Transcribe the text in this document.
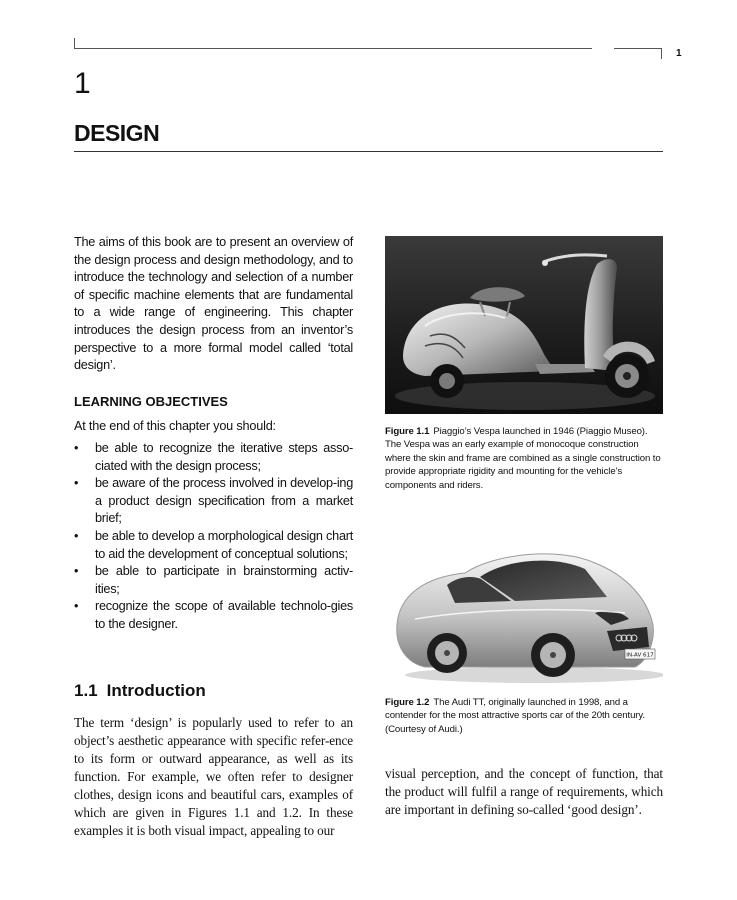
1
1
DESIGN
The aims of this book are to present an overview of the design process and design methodology, and to introduce the technology and selection of a number of specific machine elements that are fundamental to a wide range of engineering. This chapter introduces the design process from an inventor’s perspective to a more formal model called ‘total design’.
LEARNING OBJECTIVES
At the end of this chapter you should:
• be able to recognize the iterative steps asso-ciated with the design process;
• be aware of the process involved in develop-ing a product design specification from a market brief;
• be able to develop a morphological design chart to aid the development of conceptual solutions;
• be able to participate in brainstorming activ-ities;
• recognize the scope of available technolo-gies to the designer.
1.1 Introduction
The term ‘design’ is popularly used to refer to an object’s aesthetic appearance with specific refer-ence to its form or outward appearance, as well as its function. For example, we often refer to designer clothes, design icons and beautiful cars, examples of which are given in Figures 1.1 and 1.2. In these examples it is both visual impact, appealing to our
visual perception, and the concept of function, that the product will fulfil a range of requirements, which are important in defining so-called ‘good design’.
Figure 1.1 Piaggio’s Vespa launched in 1946 (Piaggio Museo). The Vespa was an early example of monocoque construction where the skin and frame are combined as a single construction to provide appropriate rigidity and mounting for the vehicle’s components and riders.
IN-AV 617
Figure 1.2 The Audi TT, originally launched in 1998, and a contender for the most attractive sports car of the 20th century. (Courtesy of Audi.)
